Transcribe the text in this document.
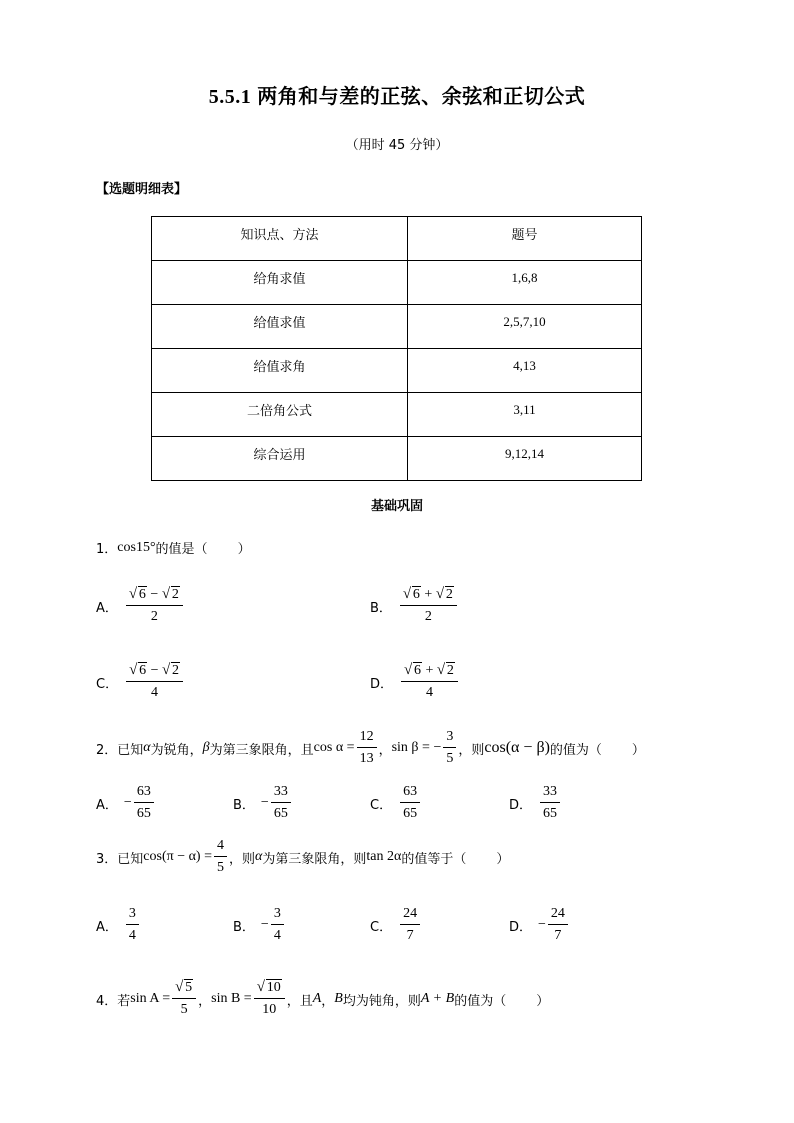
5.5.1 两角和与差的正弦、余弦和正切公式
（用时 45 分钟）
【选题明细表】
知识点、方法	题号
给角求值	1,6,8
给值求值	2,5,7,10
给值求角	4,13
二倍角公式	3,11
综合运用	9,12,14
基础巩固
1． cos15° 的值是（ ）
A． $\frac{√ 6 - √ 2}{2}$	B． $\frac{√ 6 + √ 2}{2}$
C． $\frac{√ 6 - √ 2}{4}$	D． $\frac{√ 6 + √ 2}{4}$
2． 已知 α 为锐角， β 为第三象限角，且 $\cos \alpha = \frac{12}{13}$ ， sin β = − $\frac{3}{5}$ ，则 cos(α − β) 的值为（ ）
A． − $\frac{63}{65}$	B． − $\frac{33}{65}$	C． $\frac{63}{65}$	D． $\frac{33}{65}$
3． 已知 $\cos(\pi - \alpha) = \frac{4}{5}$ ，则 α 为第三象限角，则 tan 2α 的值等于（ ）
A． $\frac{3}{4}$	B． − $\frac{3}{4}$	C． $\frac{24}{7}$	D． − $\frac{24}{7}$
4． 若 $\sin A = \frac{√ 5}{5}$ ， $\sin B = \frac{√ 10}{10}$ ，且 A ， B 均为钝角，则 A + B 的值为（ ）
